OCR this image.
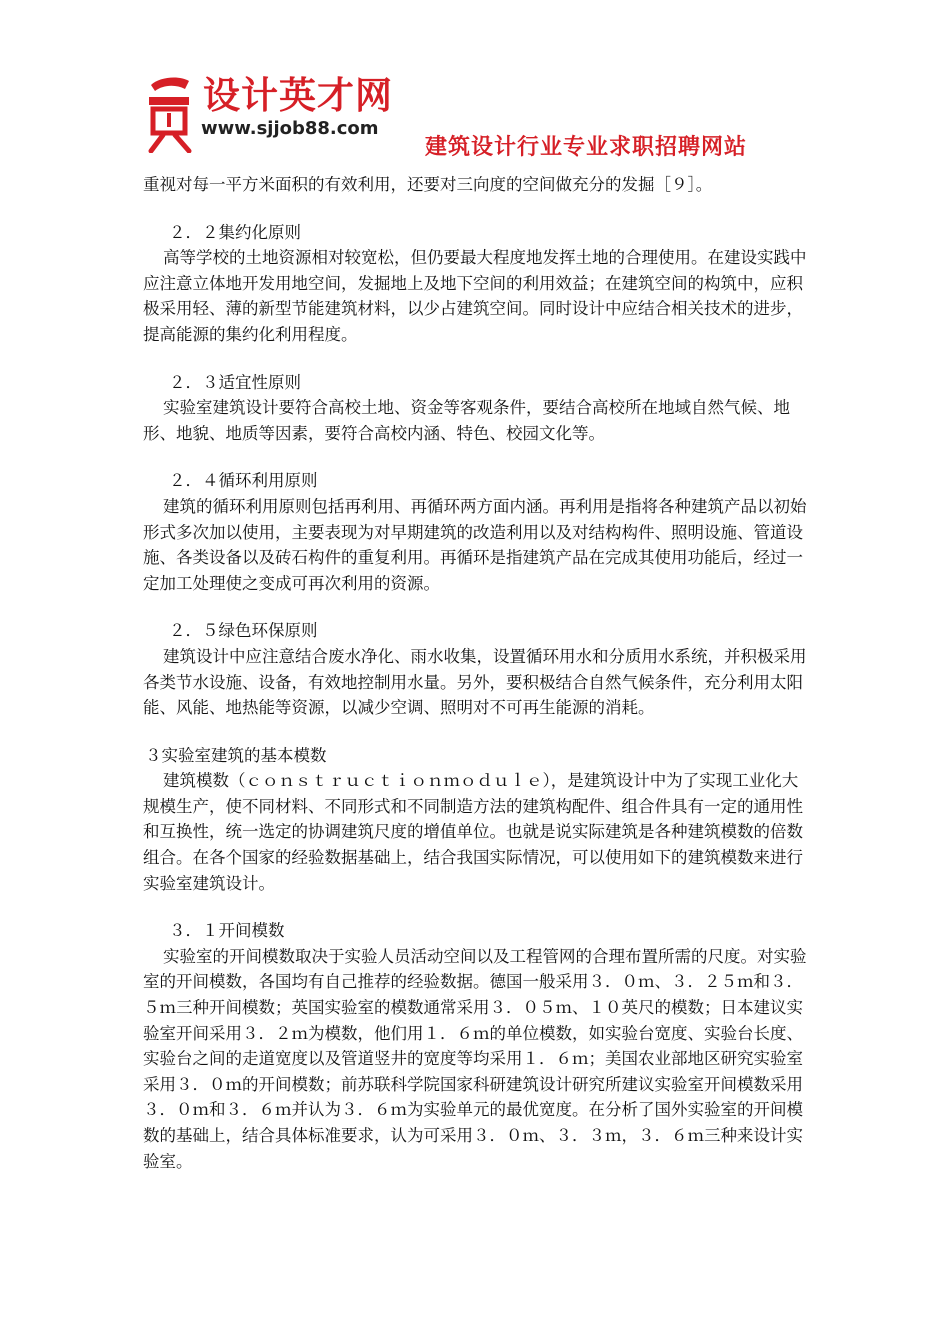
设计英才网
www.sjjob88.com
建筑设计行业专业求职招聘网站

重视对每一平方米面积的有效利用，还要对三向度的空间做充分的发掘［９］。

２．２集约化原则

高等学校的土地资源相对较宽松，但仍要最大程度地发挥土地的合理使用。在建设实践中应注意立体地开发用地空间，发掘地上及地下空间的利用效益；在建筑空间的构筑中，应积极采用轻、薄的新型节能建筑材料，以少占建筑空间。同时设计中应结合相关技术的进步，提高能源的集约化利用程度。

２．３适宜性原则

实验室建筑设计要符合高校土地、资金等客观条件，要结合高校所在地域自然气候、地形、地貌、地质等因素，要符合高校内涵、特色、校园文化等。

２．４循环利用原则

建筑的循环利用原则包括再利用、再循环两方面内涵。再利用是指将各种建筑产品以初始形式多次加以使用，主要表现为对早期建筑的改造利用以及对结构构件、照明设施、管道设施、各类设备以及砖石构件的重复利用。再循环是指建筑产品在完成其使用功能后，经过一定加工处理使之变成可再次利用的资源。

２．５绿色环保原则

建筑设计中应注意结合废水净化、雨水收集，设置循环用水和分质用水系统，并积极采用各类节水设施、设备，有效地控制用水量。另外，要积极结合自然气候条件，充分利用太阳能、风能、地热能等资源，以减少空调、照明对不可再生能源的消耗。

３实验室建筑的基本模数

建筑模数（ｃｏｎｓｔｒｕｃｔｉｏｎｍｏｄｕｌｅ），是建筑设计中为了实现工业化大规模生产，使不同材料、不同形式和不同制造方法的建筑构配件、组合件具有一定的通用性和互换性，统一选定的协调建筑尺度的增值单位。也就是说实际建筑是各种建筑模数的倍数组合。在各个国家的经验数据基础上，结合我国实际情况，可以使用如下的建筑模数来进行实验室建筑设计。

３．１开间模数

实验室的开间模数取决于实验人员活动空间以及工程管网的合理布置所需的尺度。对实验室的开间模数，各国均有自己推荐的经验数据。德国一般采用３．０ｍ、３．２５ｍ和３．５ｍ三种开间模数；英国实验室的模数通常采用３．０５ｍ、１０英尺的模数；日本建议实验室开间采用３．２ｍ为模数，他们用１．６ｍ的单位模数，如实验台宽度、实验台长度、实验台之间的走道宽度以及管道竖井的宽度等均采用１．６ｍ；美国农业部地区研究实验室采用３．０ｍ的开间模数；前苏联科学院国家科研建筑设计研究所建议实验室开间模数采用３．０ｍ和３．６ｍ并认为３．６ｍ为实验单元的最优宽度。在分析了国外实验室的开间模数的基础上，结合具体标准要求，认为可采用３．０ｍ、３．３ｍ，３．６ｍ三种来设计实验室。
